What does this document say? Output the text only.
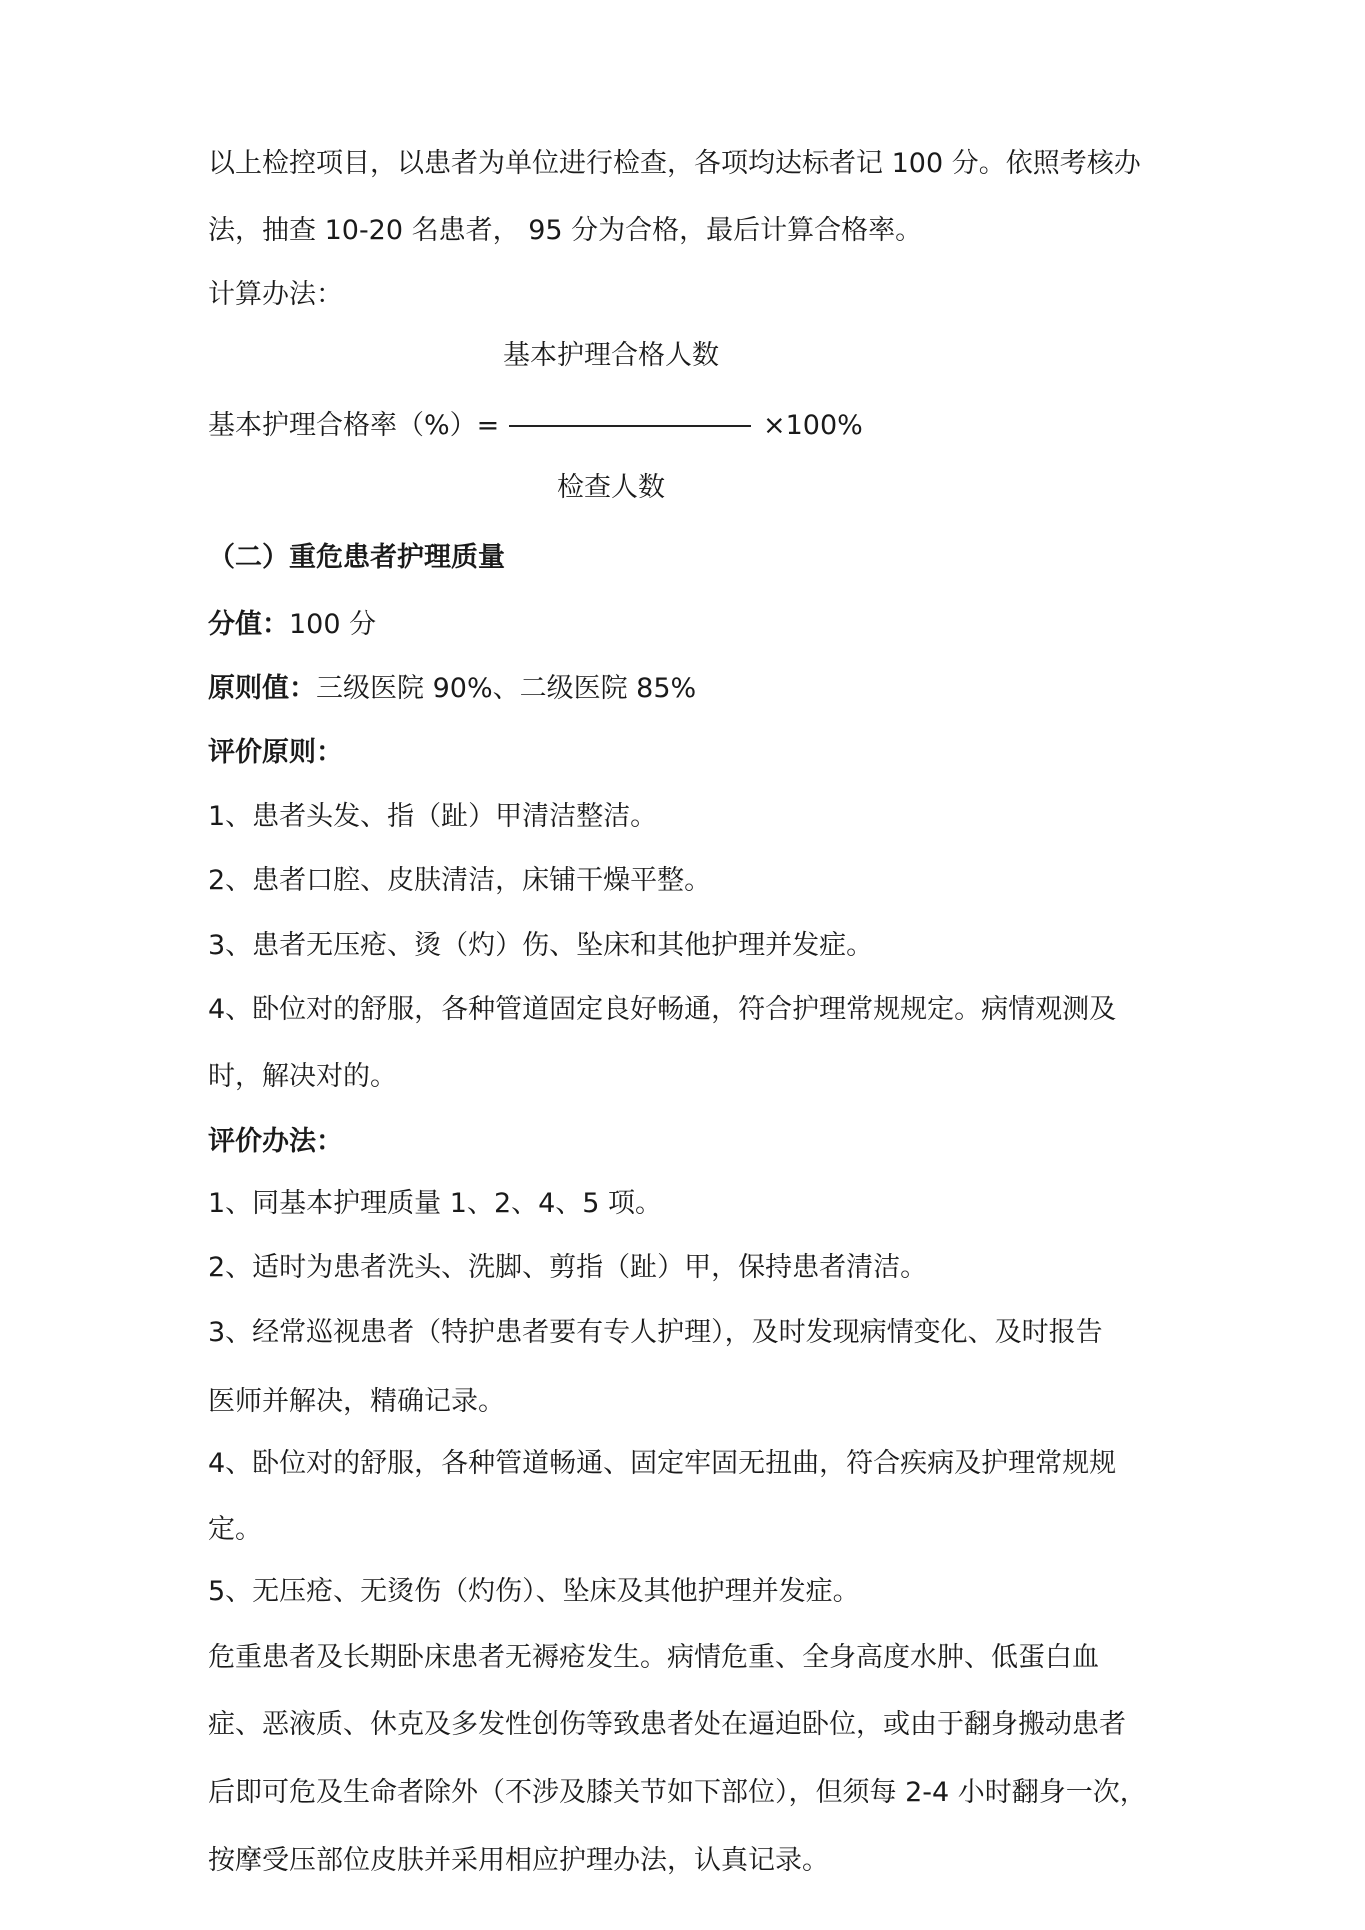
以上检控项目，以患者为单位进行检查，各项均达标者记 100 分。依照考核办
法，抽查 10-20 名患者， 95 分为合格，最后计算合格率。
计算办法：
基本护理合格人数
基本护理合格率（%）=	×100%
检查人数
（二）重危患者护理质量
分值：100 分
原则值：三级医院 90%、二级医院 85%
评价原则：
1、患者头发、指（趾）甲清洁整洁。
2、患者口腔、皮肤清洁，床铺干燥平整。
3、患者无压疮、烫（灼）伤、坠床和其他护理并发症。
4、卧位对的舒服，各种管道固定良好畅通，符合护理常规规定。病情观测及
时，解决对的。
评价办法：
1、同基本护理质量 1、2、4、5 项。
2、适时为患者洗头、洗脚、剪指（趾）甲，保持患者清洁。
3、经常巡视患者（特护患者要有专人护理），及时发现病情变化、及时报告
医师并解决，精确记录。
4、卧位对的舒服，各种管道畅通、固定牢固无扭曲，符合疾病及护理常规规
定。
5、无压疮、无烫伤（灼伤）、坠床及其他护理并发症。
危重患者及长期卧床患者无褥疮发生。病情危重、全身高度水肿、低蛋白血
症、恶液质、休克及多发性创伤等致患者处在逼迫卧位，或由于翻身搬动患者
后即可危及生命者除外（不涉及膝关节如下部位），但须每 2-4 小时翻身一次，
按摩受压部位皮肤并采用相应护理办法，认真记录。
